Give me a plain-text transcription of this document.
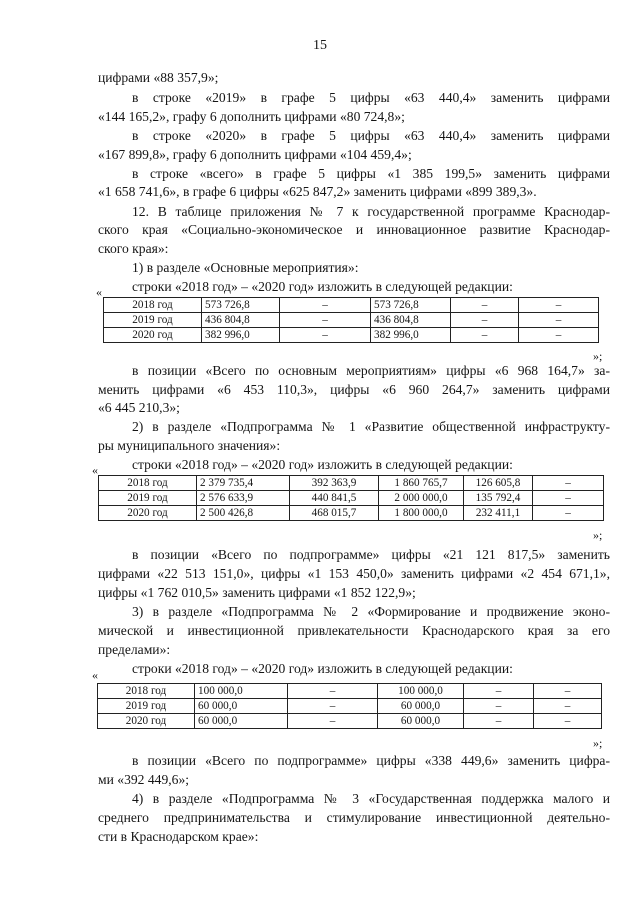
15
цифрами «88 357,9»;
в строке «2019» в графе 5 цифры «63 440,4» заменить цифрами
«144 165,2», графу 6 дополнить цифрами «80 724,8»;
в строке «2020» в графе 5 цифры «63 440,4» заменить цифрами
«167 899,8», графу 6 дополнить цифрами «104 459,4»;
в строке «всего» в графе 5 цифры «1 385 199,5» заменить цифрами
«1 658 741,6», в графе 6 цифры «625 847,2» заменить цифрами «899 389,3».
12. В таблице приложения № 7 к государственной программе Краснодар-
ского края «Социально-экономическое и инновационное развитие Краснодар-
ского края»:
1) в разделе «Основные мероприятия»:
строки «2018 год» – «2020 год» изложить в следующей редакции:
«
2018 год	573 726,8	–	573 726,8	–	–
2019 год	436 804,8	–	436 804,8	–	–
2020 год	382 996,0	–	382 996,0	–	–
»;
в позиции «Всего по основным мероприятиям» цифры «6 968 164,7» за-
менить цифрами «6 453 110,3», цифры «6 960 264,7» заменить цифрами
«6 445 210,3»;
2) в разделе «Подпрограмма № 1 «Развитие общественной инфраструкту-
ры муниципального значения»:
строки «2018 год» – «2020 год» изложить в следующей редакции:
«
2018 год	2 379 735,4	392 363,9	1 860 765,7	126 605,8	–
2019 год	2 576 633,9	440 841,5	2 000 000,0	135 792,4	–
2020 год	2 500 426,8	468 015,7	1 800 000,0	232 411,1	–
»;
в позиции «Всего по подпрограмме» цифры «21 121 817,5» заменить
цифрами «22 513 151,0», цифры «1 153 450,0» заменить цифрами «2 454 671,1»,
цифры «1 762 010,5» заменить цифрами «1 852 122,9»;
3) в разделе «Подпрограмма № 2 «Формирование и продвижение эконо-
мической и инвестиционной привлекательности Краснодарского края за его
пределами»:
строки «2018 год» – «2020 год» изложить в следующей редакции:
«
2018 год	100 000,0	–	100 000,0	–	–
2019 год	60 000,0	–	60 000,0	–	–
2020 год	60 000,0	–	60 000,0	–	–
»;
в позиции «Всего по подпрограмме» цифры «338 449,6» заменить цифра-
ми «392 449,6»;
4) в разделе «Подпрограмма № 3 «Государственная поддержка малого и
среднего предпринимательства и стимулирование инвестиционной деятельно-
сти в Краснодарском крае»:
